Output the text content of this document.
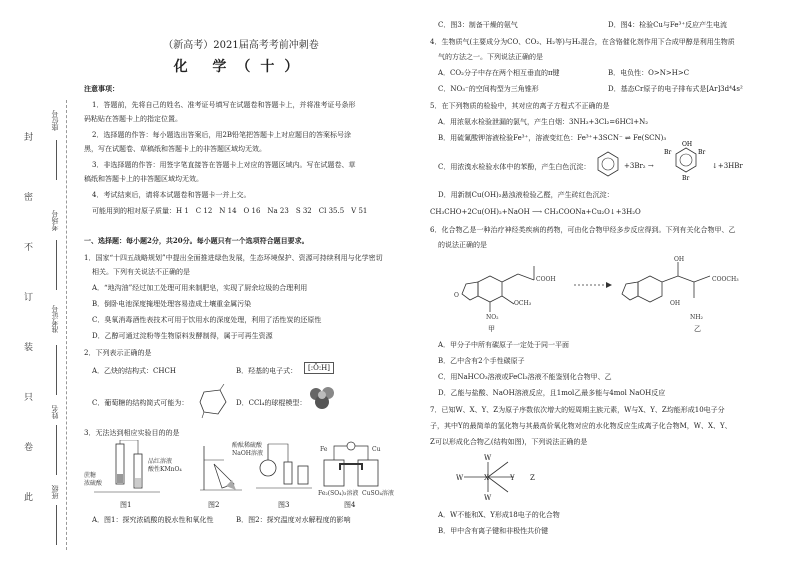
封
密
不
订
装
只
卷
此
座位号
考场号
准考证号
姓名
班级
（新高考）2021届高考考前冲刺卷
化 学（十）
注意事项：
1．答题前，先将自己的姓名、准考证号填写在试题卷和答题卡上，并将准考证号条形
码粘贴在答题卡上的指定位置。
2．选择题的作答：每小题选出答案后，用2B铅笔把答题卡上对应题目的答案标号涂
黑，写在试题卷、草稿纸和答题卡上的非答题区域均无效。
3．非选择题的作答：用签字笔直接答在答题卡上对应的答题区域内。写在试题卷、草
稿纸和答题卡上的非答题区域均无效。
4．考试结束后，请将本试题卷和答题卡一并上交。
可能用到的相对原子质量：H 1　C 12　N 14　O 16　Na 23　S 32　Cl 35.5　V 51
一、选择题：每小题2分，共20分。每小题只有一个选项符合题目要求。
1．国家“十四五战略规划”中提出全面推进绿色发展，生态环境保护、资源可持续利用与化学密切
相关。下列有关说法不正确的是
A．“地沟油”经过加工处理可用来制肥皂，实现了厨余垃圾的合理利用
B．倒卧电池深度掩埋处理容易造成土壤重金属污染
C．臭氧消毒酒性表技术可用于饮用水的深度处理，利用了活性炭的还原性
D．乙醇可通过淀粉等生物原料发酵制得，属于可再生资源
2．下列表示正确的是
A．乙炔的结构式：CHCH	B．羟基的电子式：	[:Ö:H]
C．葡萄糖的结构简式可能为：	D．CCl₄的球棍模型：
3．无法达到相应实验目的的是
蔗糖
浓硫酸
品红溶液
酸性KMnO₄
图1
酚酞稀硫酸
NaOH溶液
图2	图3
Fe	Cu
Fe₂(SO₄)₃溶液 CuSO₄溶液
图4
A．图1：探究浓硫酸的脱水性和氧化性	B．图2：探究温度对水解程度的影响
C．图3：制备干燥的氨气	D．图4：检验Cu与Fe³⁺反应产生电流
4．生物质气(主要成分为CO、CO₂、H₂等)与H₂混合，在含铬催化剂作用下合成甲醇是利用生物质
气的方法之一。下列说法正确的是
A．CO₂分子中存在两个相互垂直的π键	B．电负性：O>N>H>C
C．NO₃⁻的空间构型为三角锥形	D．基态Cr原子的电子排布式是[Ar]3d⁴4s²
5．在下列物质的检验中，其对应的离子方程式不正确的是
A．用浓氨水检验泄漏的氯气，产生白烟：3NH₃+3Cl₂=6HCl+N₂
B．用硫氰酸钾溶液检验Fe³⁺，溶液变红色：Fe³⁺+3SCN⁻ ⇌ Fe(SCN)₃
C．用浓溴水检验水体中的苯酚，产生白色沉淀：	+3Br₂ →
OH
Br	Br
Br
↓+3HBr
D．用新制Cu(OH)₂悬浊液检验乙醛，产生砖红色沉淀：
CH₃CHO+2Cu(OH)₂+NaOH ⟶ CH₃COONa+Cu₂O↓+3H₂O
6．化合物乙是一种治疗神经类疾病的药物，可由化合物甲经多步反应得到。下列有关化合物甲、乙
的说法正确的是
O
COOH
OCH₃
NO₂
甲
OH
COOCH₃
OH
NH₂
乙
A．甲分子中所有碳原子一定处于同一平面
B．乙中含有2个手性碳原子
C．用NaHCO₃溶液或FeCl₃溶液不能鉴别化合物甲、乙
D．乙能与盐酸、NaOH溶液反应，且1mol乙最多能与4mol NaOH反应
7．已知W、X、Y、Z为原子序数依次增大的短周期主族元素，W与X、Y、Z均能形成10电子分
子，其中Y的最简单的氢化物与其最高价氧化物对应的水化物反应生成离子化合物M，W、X、Y、
Z可以形成化合物乙(结构如图)，下列说法正确的是
W
W	X	Y Z
W
A．W不能和X、Y形成18电子的化合物
B．甲中含有离子键和非极性共价键
